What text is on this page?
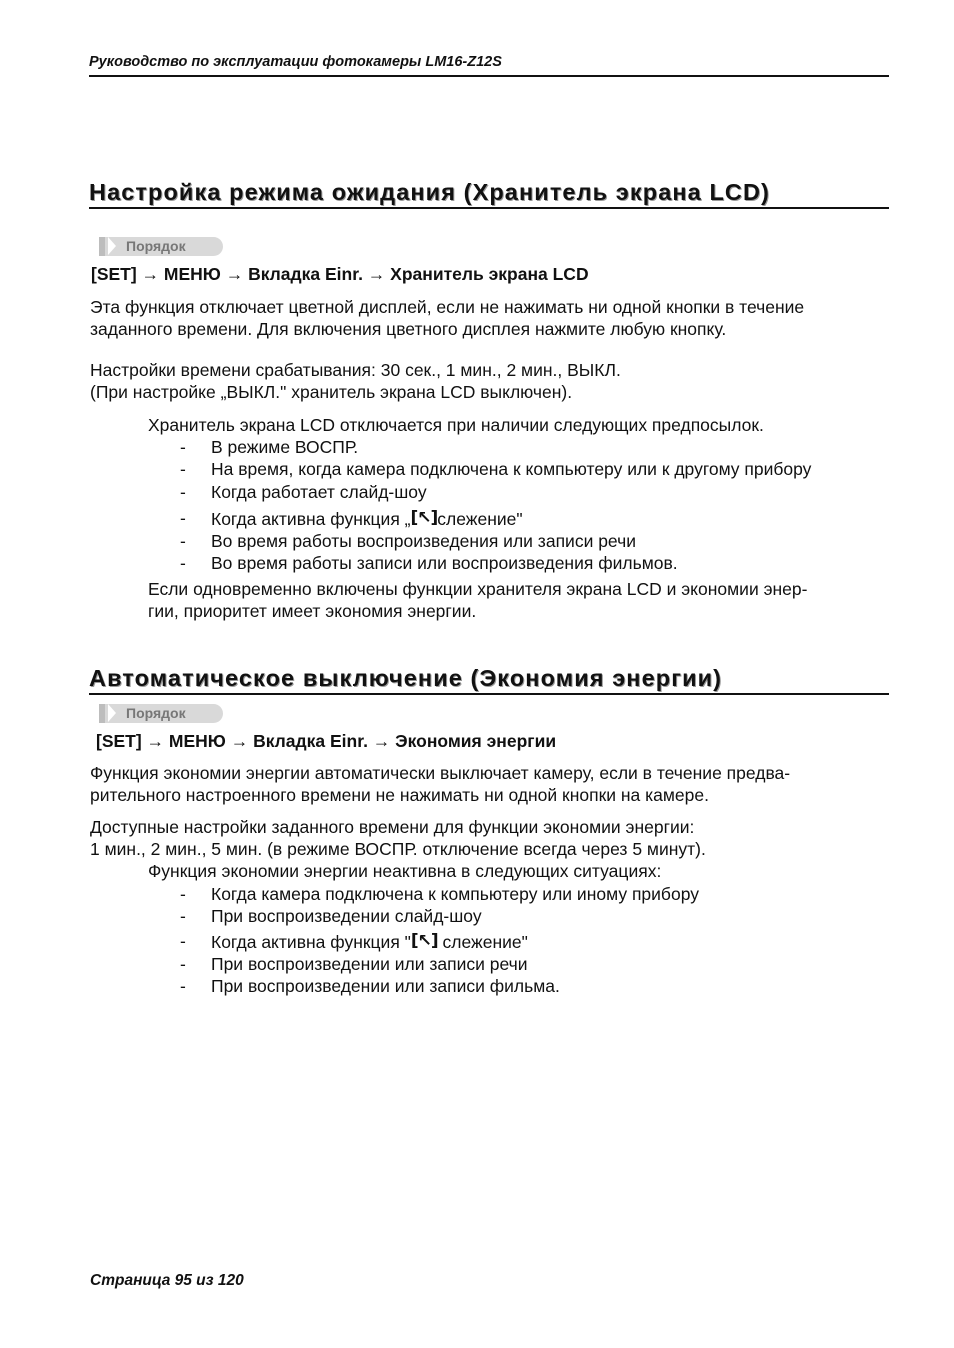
Руководство по эксплуатации фотокамеры LM16-Z12S
Настройка режима ожидания (Хранитель экрана LCD)
Порядок
[SET] → МЕНЮ → Вкладка Einr. → Хранитель экрана LCD
Эта функция отключает цветной дисплей, если не нажимать ни одной кнопки в течение
заданного времени. Для включения цветного дисплея нажмите любую кнопку.
Настройки времени срабатывания: 30 сек., 1 мин., 2 мин., ВЫКЛ.
(При настройке „ВЫКЛ." хранитель экрана LCD выключен).
Хранитель экрана LCD отключается при наличии следующих предпосылок.
- В режиме ВОСПР.
- На время, когда камера подключена к компьютеру или к другому прибору
- Когда работает слайд-шоу
- Когда активна функция „[↖]слежение"
- Во время работы воспроизведения или записи речи
- Во время работы записи или воспроизведения фильмов.
Если одновременно включены функции хранителя экрана LCD и экономии энер-
гии, приоритет имеет экономия энергии.
Автоматическое выключение (Экономия энергии)
Порядок
[SET] → МЕНЮ → Вкладка Einr. → Экономия энергии
Функция экономии энергии автоматически выключает камеру, если в течение предва-
рительного настроенного времени не нажимать ни одной кнопки на камере.
Доступные настройки заданного времени для функции экономии энергии:
1 мин., 2 мин., 5 мин. (в режиме ВОСПР. отключение всегда через 5 минут).
Функция экономии энергии неактивна в следующих ситуациях:
- Когда камера подключена к компьютеру или иному прибору
- При воспроизведении слайд-шоу
- Когда активна функция "[↖] слежение"
- При воспроизведении или записи речи
- При воспроизведении или записи фильма.
Страница 95 из 120
